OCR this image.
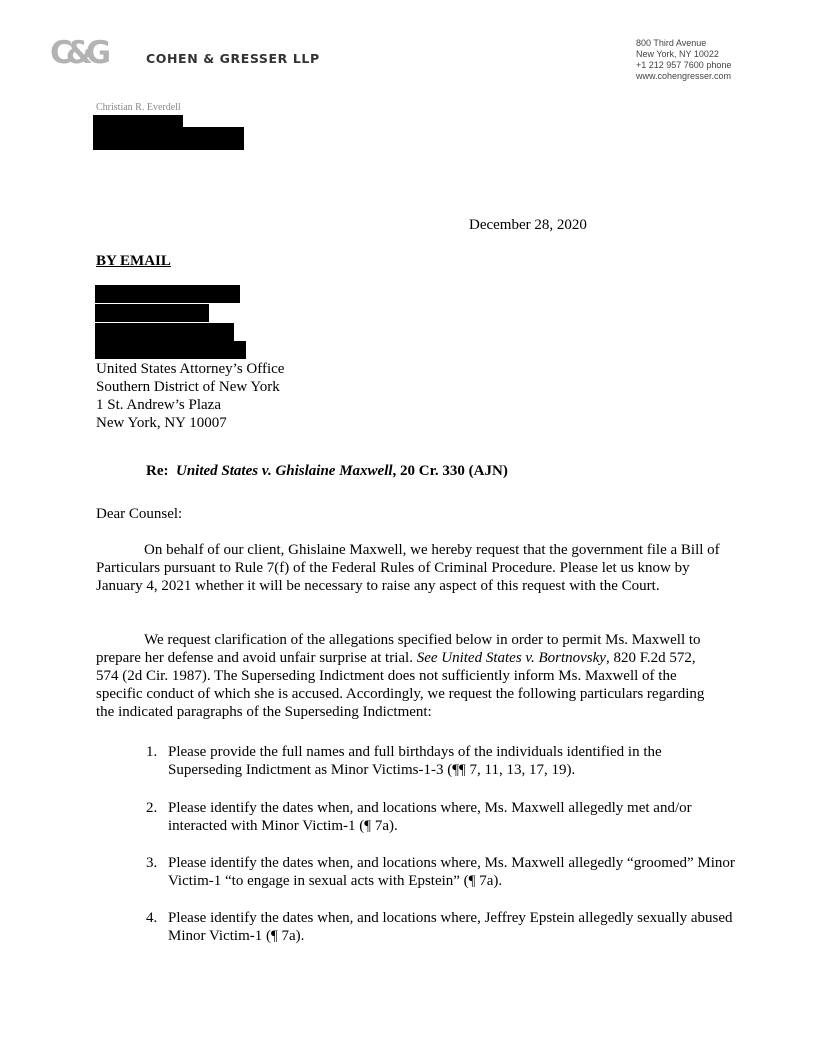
C&G	COHEN & GRESSER LLP
800 Third Avenue
New York, NY 10022
+1 212 957 7600 phone
www.cohengresser.com
Christian R. Everdell
December 28, 2020
BY EMAIL
United States Attorney’s Office
Southern District of New York
1 St. Andrew’s Plaza
New York, NY 10007
Re: United States v. Ghislaine Maxwell, 20 Cr. 330 (AJN)
Dear Counsel:

On behalf of our client, Ghislaine Maxwell, we hereby request that the government file a Bill of Particulars pursuant to Rule 7(f) of the Federal Rules of Criminal Procedure. Please let us know by January 4, 2021 whether it will be necessary to raise any aspect of this request with the Court.

We request clarification of the allegations specified below in order to permit Ms. Maxwell to prepare her defense and avoid unfair surprise at trial. See United States v. Bortnovsky, 820 F.2d 572, 574 (2d Cir. 1987). The Superseding Indictment does not sufficiently inform Ms. Maxwell of the specific conduct of which she is accused. Accordingly, we request the following particulars regarding the indicated paragraphs of the Superseding Indictment:

1. Please provide the full names and full birthdays of the individuals identified in the Superseding Indictment as Minor Victims-1-3 (¶¶ 7, 11, 13, 17, 19).
2. Please identify the dates when, and locations where, Ms. Maxwell allegedly met and/or interacted with Minor Victim-1 (¶ 7a).
3. Please identify the dates when, and locations where, Ms. Maxwell allegedly “groomed” Minor Victim-1 “to engage in sexual acts with Epstein” (¶ 7a).
4. Please identify the dates when, and locations where, Jeffrey Epstein allegedly sexually abused Minor Victim-1 (¶ 7a).
